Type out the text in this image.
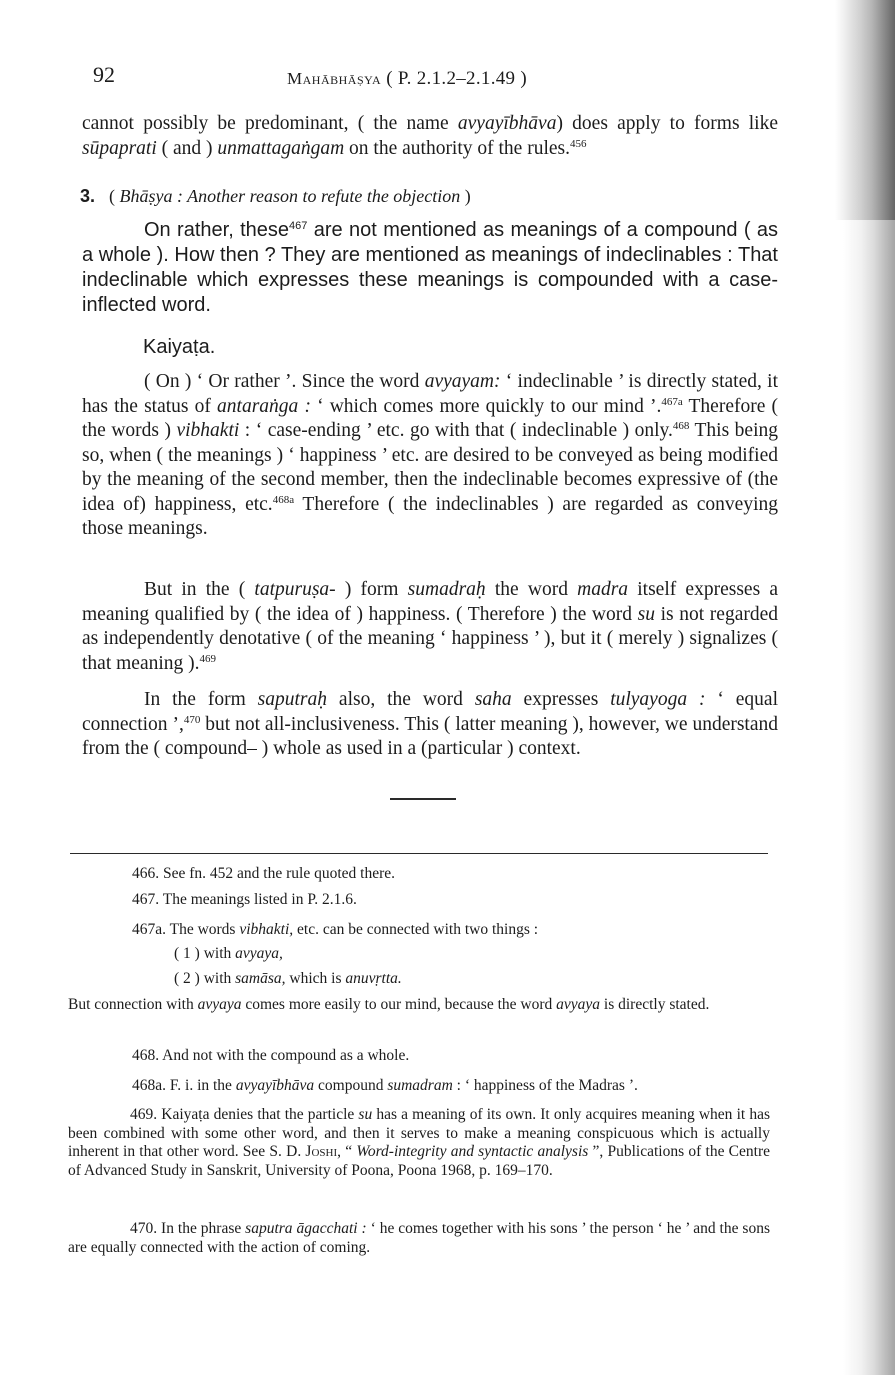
92	Mahābhāṣya ( P. 2.1.2–2.1.49 )
cannot possibly be predominant, ( the name avyayībhāva) does apply to forms like sūpaprati ( and ) unmattagaṅgam on the authority of the rules.$^{456}$
3. ( Bhāṣya : Another reason to refute the objection )
On rather, these$^{467}$ are not mentioned as meanings of a compound ( as a whole ). How then ? They are mentioned as meanings of indeclinables : That indeclinable which expresses these meanings is compounded with a case-inflected word.
Kaiyaṭa.
( On ) ‘ Or rather ’. Since the word avyayam: ‘ indeclinable ’ is directly stated, it has the status of antaraṅga : ‘ which comes more quickly to our mind ’.$^{467a}$ Therefore ( the words ) vibhakti : ‘ case-ending ’ etc. go with that ( indeclinable ) only.$^{468}$ This being so, when ( the meanings ) ‘ happiness ’ etc. are desired to be conveyed as being modified by the meaning of the second member, then the indeclinable becomes expressive of (the idea of) happiness, etc.$^{468a}$ Therefore ( the indeclinables ) are regarded as conveying those meanings.
But in the ( tatpuruṣa- ) form sumadraḥ the word madra itself expresses a meaning qualified by ( the idea of ) happiness. ( Therefore ) the word su is not regarded as independently denotative ( of the meaning ‘ happiness ’ ), but it ( merely ) signalizes ( that meaning ).$^{469}$
In the form saputraḥ also, the word saha expresses tulyayoga : ‘ equal connection ’,$^{470}$ but not all-inclusiveness. This ( latter meaning ), however, we understand from the ( compound– ) whole as used in a (particular ) context.
466. See fn. 452 and the rule quoted there.
467. The meanings listed in P. 2.1.6.
467a. The words vibhakti, etc. can be connected with two things :
( 1 ) with avyaya,
( 2 ) with samāsa, which is anuvṛtta.
But connection with avyaya comes more easily to our mind, because the word avyaya is directly stated.
468. And not with the compound as a whole.
468a. F. i. in the avyayībhāva compound sumadram : ‘ happiness of the Madras ’.
469. Kaiyaṭa denies that the particle su has a meaning of its own. It only acquires meaning when it has been combined with some other word, and then it serves to make a meaning conspicuous which is actually inherent in that other word. See S. D. Joshi, “ Word-integrity and syntactic analysis ”, Publications of the Centre of Advanced Study in Sanskrit, University of Poona, Poona 1968, p. 169–170.
470. In the phrase saputra āgacchati : ‘ he comes together with his sons ’ the person ‘ he ’ and the sons are equally connected with the action of coming.
